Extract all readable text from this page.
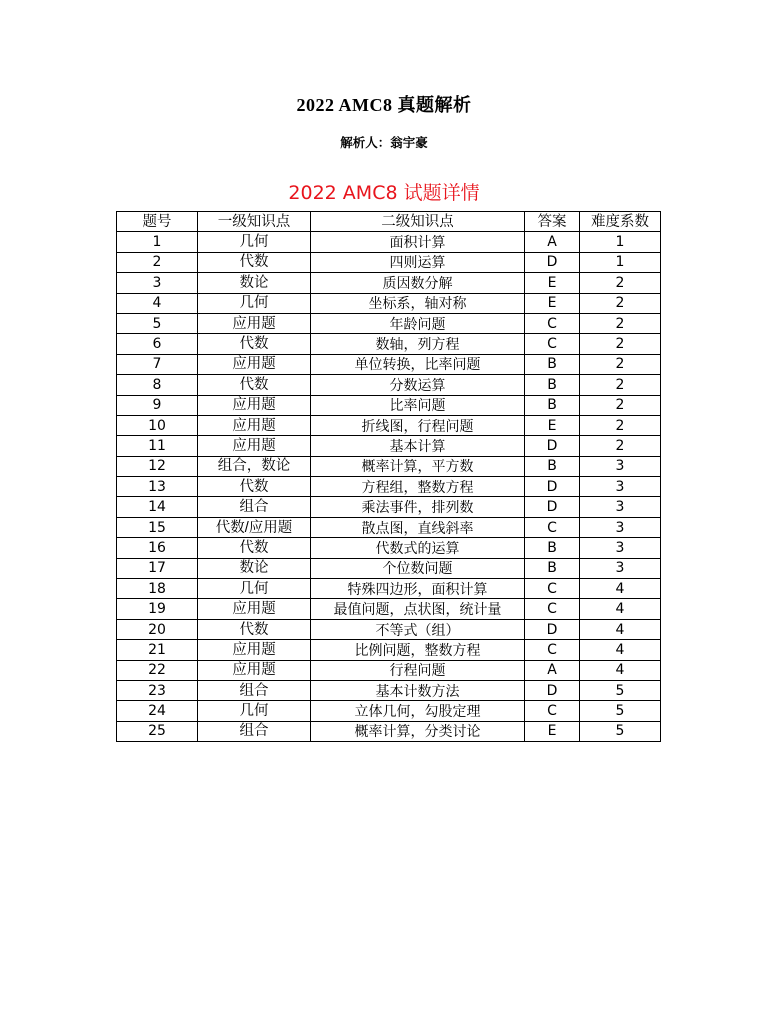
2022 AMC8 真题解析
解析人：翁宇豪
2022 AMC8 试题详情
题号	一级知识点	二级知识点	答案	难度系数
1	几何	面积计算	A	1
2	代数	四则运算	D	1
3	数论	质因数分解	E	2
4	几何	坐标系，轴对称	E	2
5	应用题	年龄问题	C	2
6	代数	数轴，列方程	C	2
7	应用题	单位转换，比率问题	B	2
8	代数	分数运算	B	2
9	应用题	比率问题	B	2
10	应用题	折线图，行程问题	E	2
11	应用题	基本计算	D	2
12	组合，数论	概率计算，平方数	B	3
13	代数	方程组，整数方程	D	3
14	组合	乘法事件，排列数	D	3
15	代数/应用题	散点图，直线斜率	C	3
16	代数	代数式的运算	B	3
17	数论	个位数问题	B	3
18	几何	特殊四边形，面积计算	C	4
19	应用题	最值问题，点状图，统计量	C	4
20	代数	不等式（组）	D	4
21	应用题	比例问题，整数方程	C	4
22	应用题	行程问题	A	4
23	组合	基本计数方法	D	5
24	几何	立体几何，勾股定理	C	5
25	组合	概率计算，分类讨论	E	5
